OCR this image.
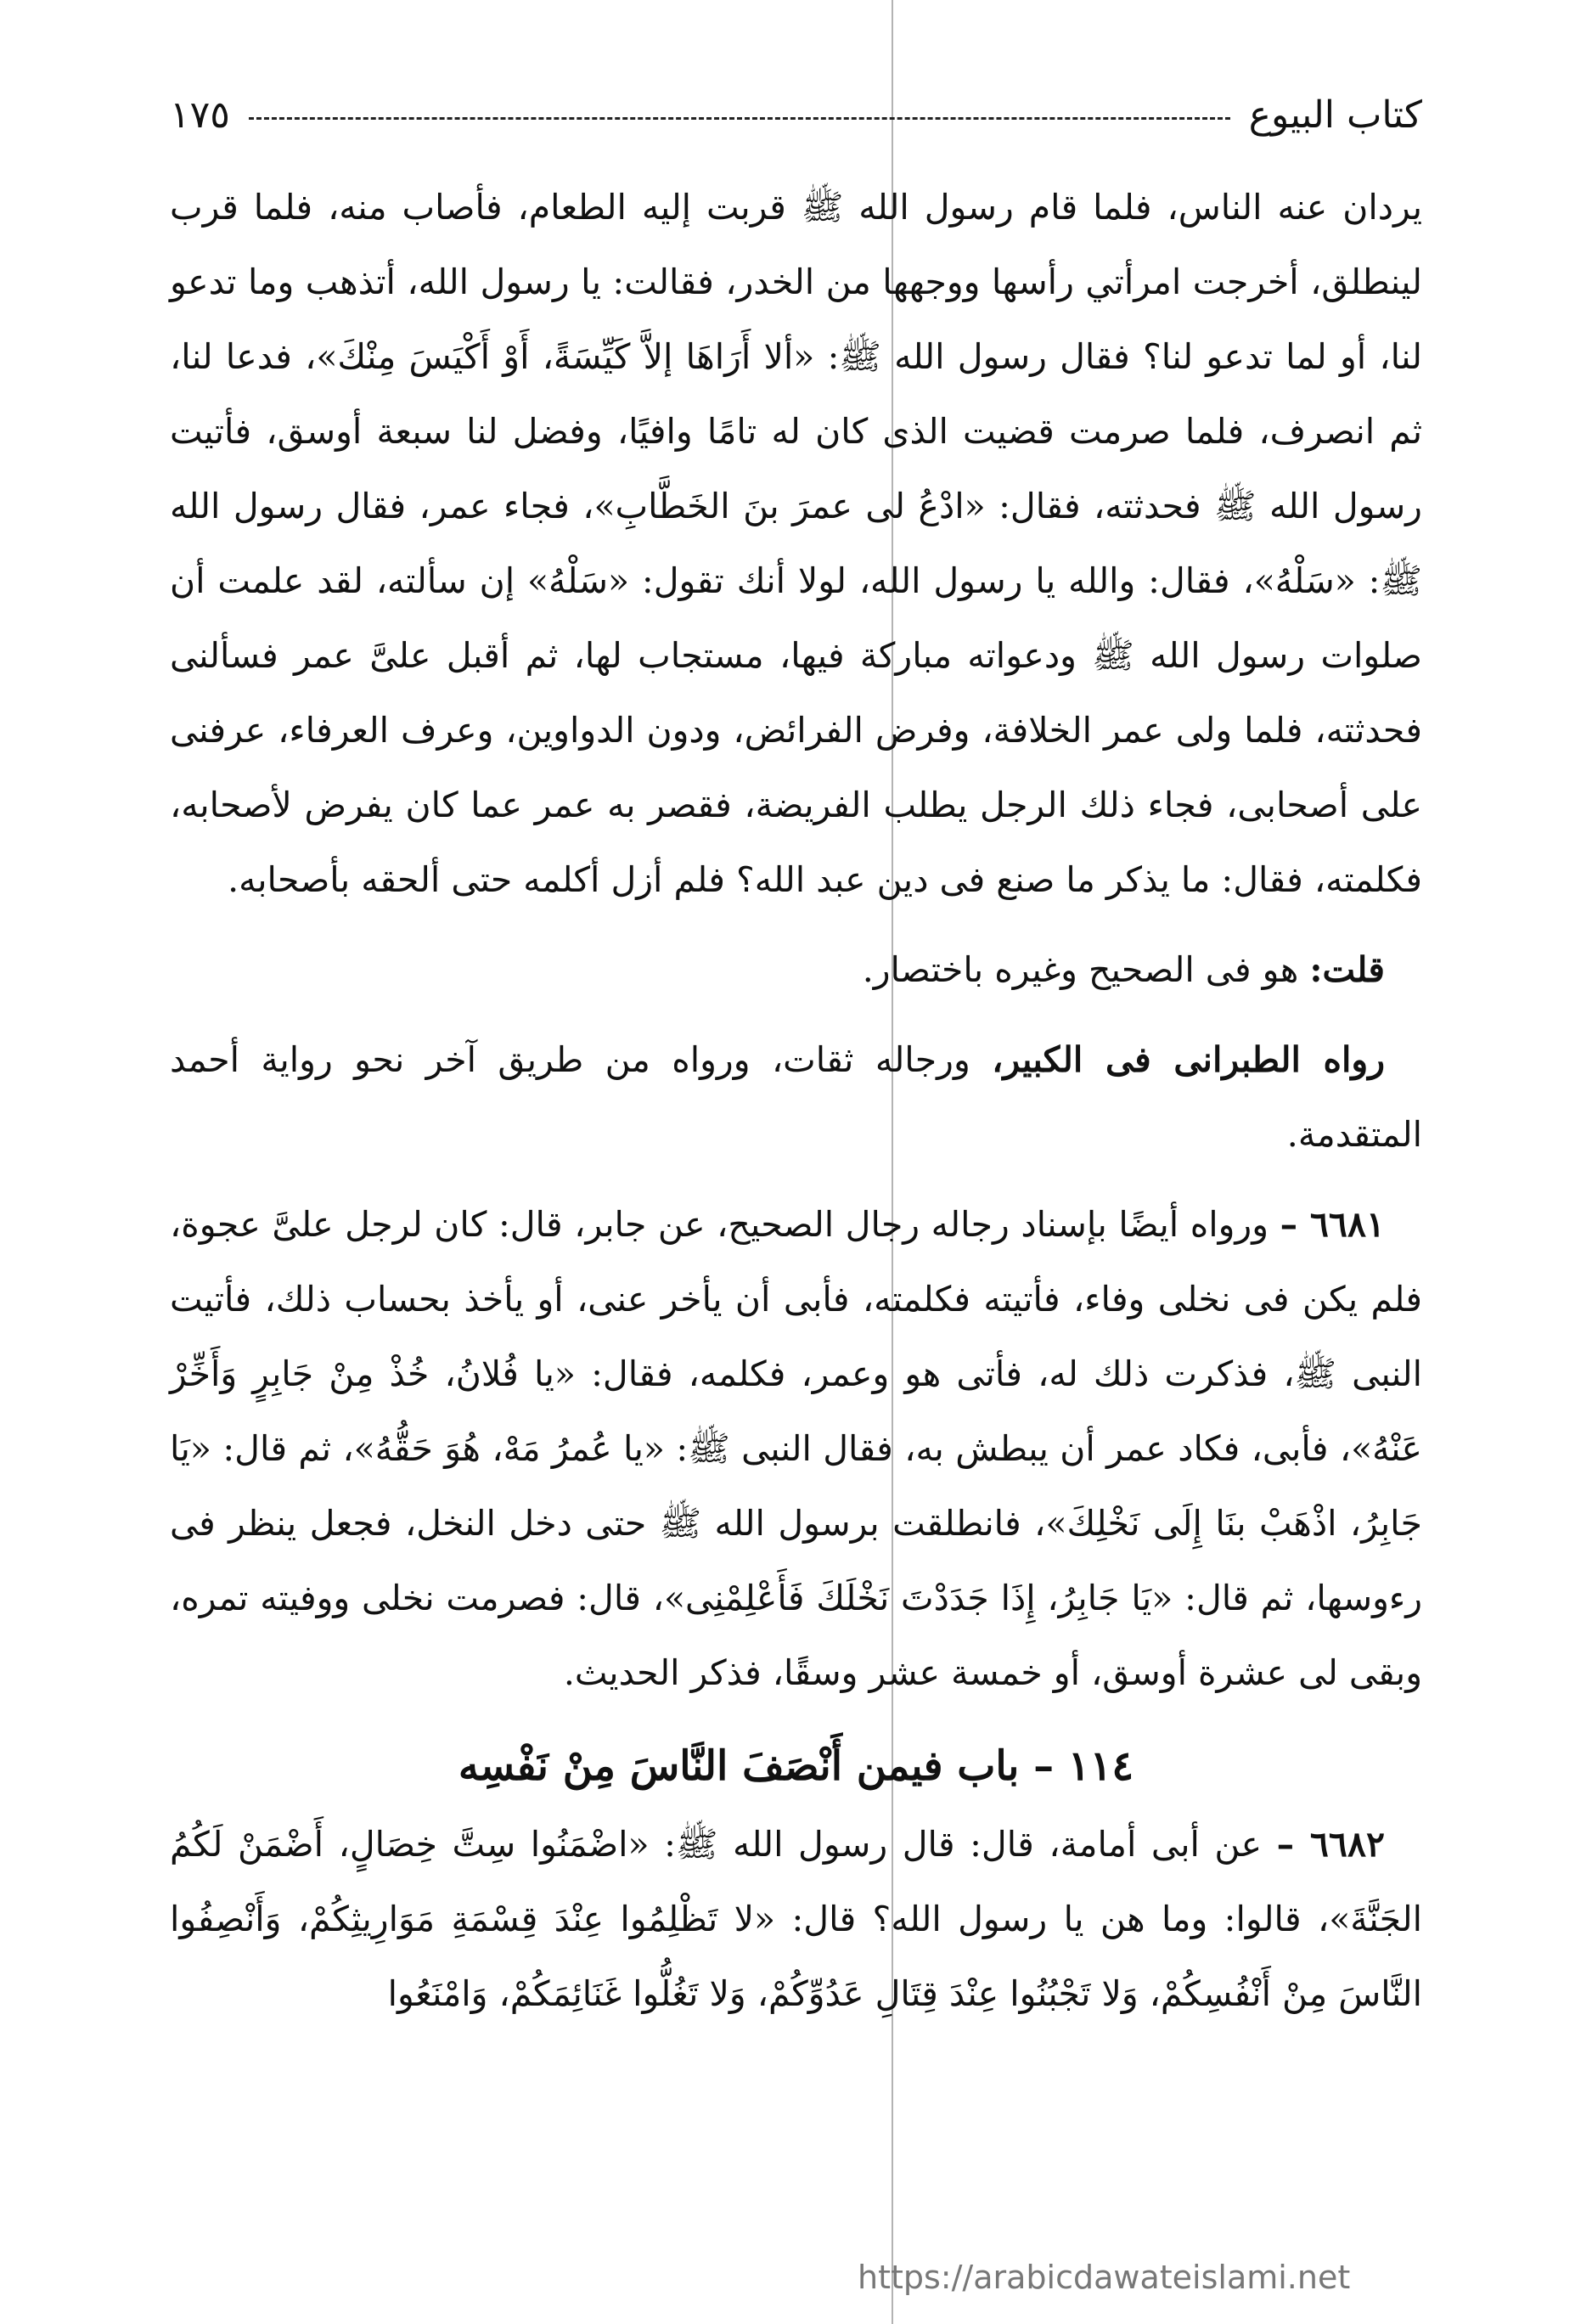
كتاب البيوع
١٧٥

يردان عنه الناس، فلما قام رسول الله ﷺ قربت إليه الطعام، فأصاب منه، فلما قرب لينطلق، أخرجت امرأتي رأسها ووجهها من الخدر، فقالت: يا رسول الله، أتذهب وما تدعو لنا، أو لما تدعو لنا؟ فقال رسول الله ﷺ: «ألا أَرَاهَا إلاَّ كَيِّسَةً، أَوْ أَكْيَسَ مِنْكَ»، فدعا لنا، ثم انصرف، فلما صرمت قضيت الذى كان له تامًا وافيًا، وفضل لنا سبعة أوسق، فأتيت رسول الله ﷺ فحدثته، فقال: «ادْعُ لى عمرَ بنَ الخَطَّابِ»، فجاء عمر، فقال رسول الله ﷺ: «سَلْهُ»، فقال: والله يا رسول الله، لولا أنك تقول: «سَلْهُ» إن سألته، لقد علمت أن صلوات رسول الله ﷺ ودعواته مباركة فيها، مستجاب لها، ثم أقبل علىَّ عمر فسألنى فحدثته، فلما ولى عمر الخلافة، وفرض الفرائض، ودون الدواوين، وعرف العرفاء، عرفنى على أصحابى، فجاء ذلك الرجل يطلب الفريضة، فقصر به عمر عما كان يفرض لأصحابه، فكلمته، فقال: ما يذكر ما صنع فى دين عبد الله؟ فلم أزل أكلمه حتى ألحقه بأصحابه.

قلت: هو فى الصحيح وغيره باختصار.

رواه الطبرانى فى الكبير، ورجاله ثقات، ورواه من طريق آخر نحو رواية أحمد المتقدمة.

٦٦٨١ – ورواه أيضًا بإسناد رجاله رجال الصحيح، عن جابر، قال: كان لرجل علىَّ عجوة، فلم يكن فى نخلى وفاء، فأتيته فكلمته، فأبى أن يأخر عنى، أو يأخذ بحساب ذلك، فأتيت النبى ﷺ، فذكرت ذلك له، فأتى هو وعمر، فكلمه، فقال: «يا فُلانُ، خُذْ مِنْ جَابِرٍ وَأَخِّرْ عَنْهُ»، فأبى، فكاد عمر أن يبطش به، فقال النبى ﷺ: «يا عُمرُ مَهْ، هُوَ حَقُّهُ»، ثم قال: «يَا جَابِرُ، اذْهَبْ بنَا إِلَى نَخْلِكَ»، فانطلقت برسول الله ﷺ حتى دخل النخل، فجعل ينظر فى رءوسها، ثم قال: «يَا جَابِرُ، إِذَا جَدَدْتَ نَخْلَكَ فَأَعْلِمْنِى»، قال: فصرمت نخلى ووفيته تمره، وبقى لى عشرة أوسق، أو خمسة عشر وسقًا، فذكر الحديث.

١١٤ – باب فيمن أَنْصَفَ النَّاسَ مِنْ نَفْسِه

٦٦٨٢ – عن أبى أمامة، قال: قال رسول الله ﷺ: «اضْمَنُوا سِتَّ خِصَالٍ، أَضْمَنْ لَكُمُ الجَنَّةَ»، قالوا: وما هن يا رسول الله؟ قال: «لا تَظْلِمُوا عِنْدَ قِسْمَةِ مَوَارِيثِكُمْ، وَأَنْصِفُوا النَّاسَ مِنْ أَنْفُسِكُمْ، وَلا تَجْبُنُوا عِنْدَ قِتَالِ عَدُوِّكُمْ، وَلا تَغُلُّوا غَنَائِمَكُمْ، وَامْنَعُوا

https://arabicdawateislami.net
